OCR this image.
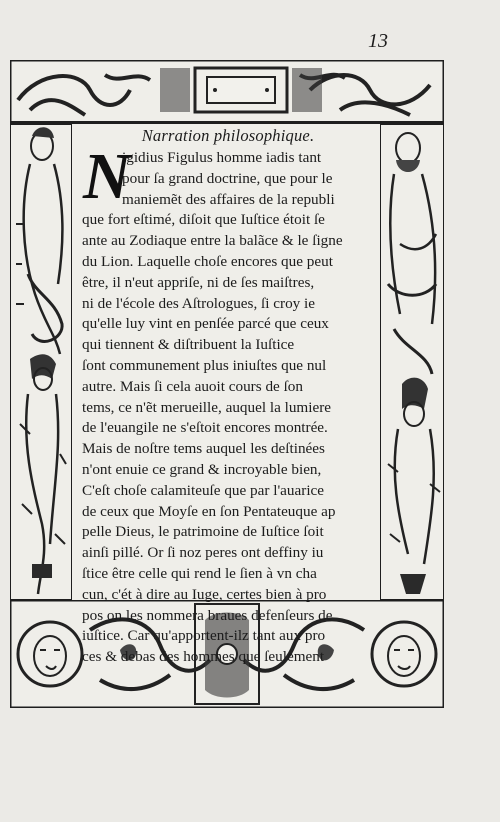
13
Narration philosophique.
N
igidius Figulus homme iadis tant
pour ſa grand doctrine, que pour le
maniemẽt des affaires de la republi
que fort eſtimé, diſoit que Iuſtice étoit ſe
ante au Zodiaque entre la balãce & le ſigne
du Lion. Laquelle choſe encores que peut
être, il n'eut appriſe, ni de ſes maiſtres,
ni de l'école des Aſtrologues, ſi croy ie
qu'elle luy vint en penſée parcé que ceux
qui tiennent & diſtribuent la Iuſtice
ſont communement plus iniuſtes que nul
autre. Mais ſi cela auoit cours de ſon
tems, ce n'ẽt merueille, auquel la lumiere
de l'euangile ne s'eſtoit encores montrée.
Mais de noſtre tems auquel les deſtinées
n'ont enuie ce grand & incroyable bien,
C'eſt choſe calamiteuſe que par l'auarice
de ceux que Moyſe en ſon Pentateuque ap
pelle Dieus, le patrimoine de Iuſtice ſoit
ainſi pillé. Or ſi noz peres ont deffiny iu
ſtice être celle qui rend le ſien à vn cha
cun, c'ét à dire au Iuge, certes bien à pro
pos on les nommera braues defenſeurs de
iuſtice. Car qu'apportent-ilz tant aux pro
ces & debas des hommes que ſeulement
